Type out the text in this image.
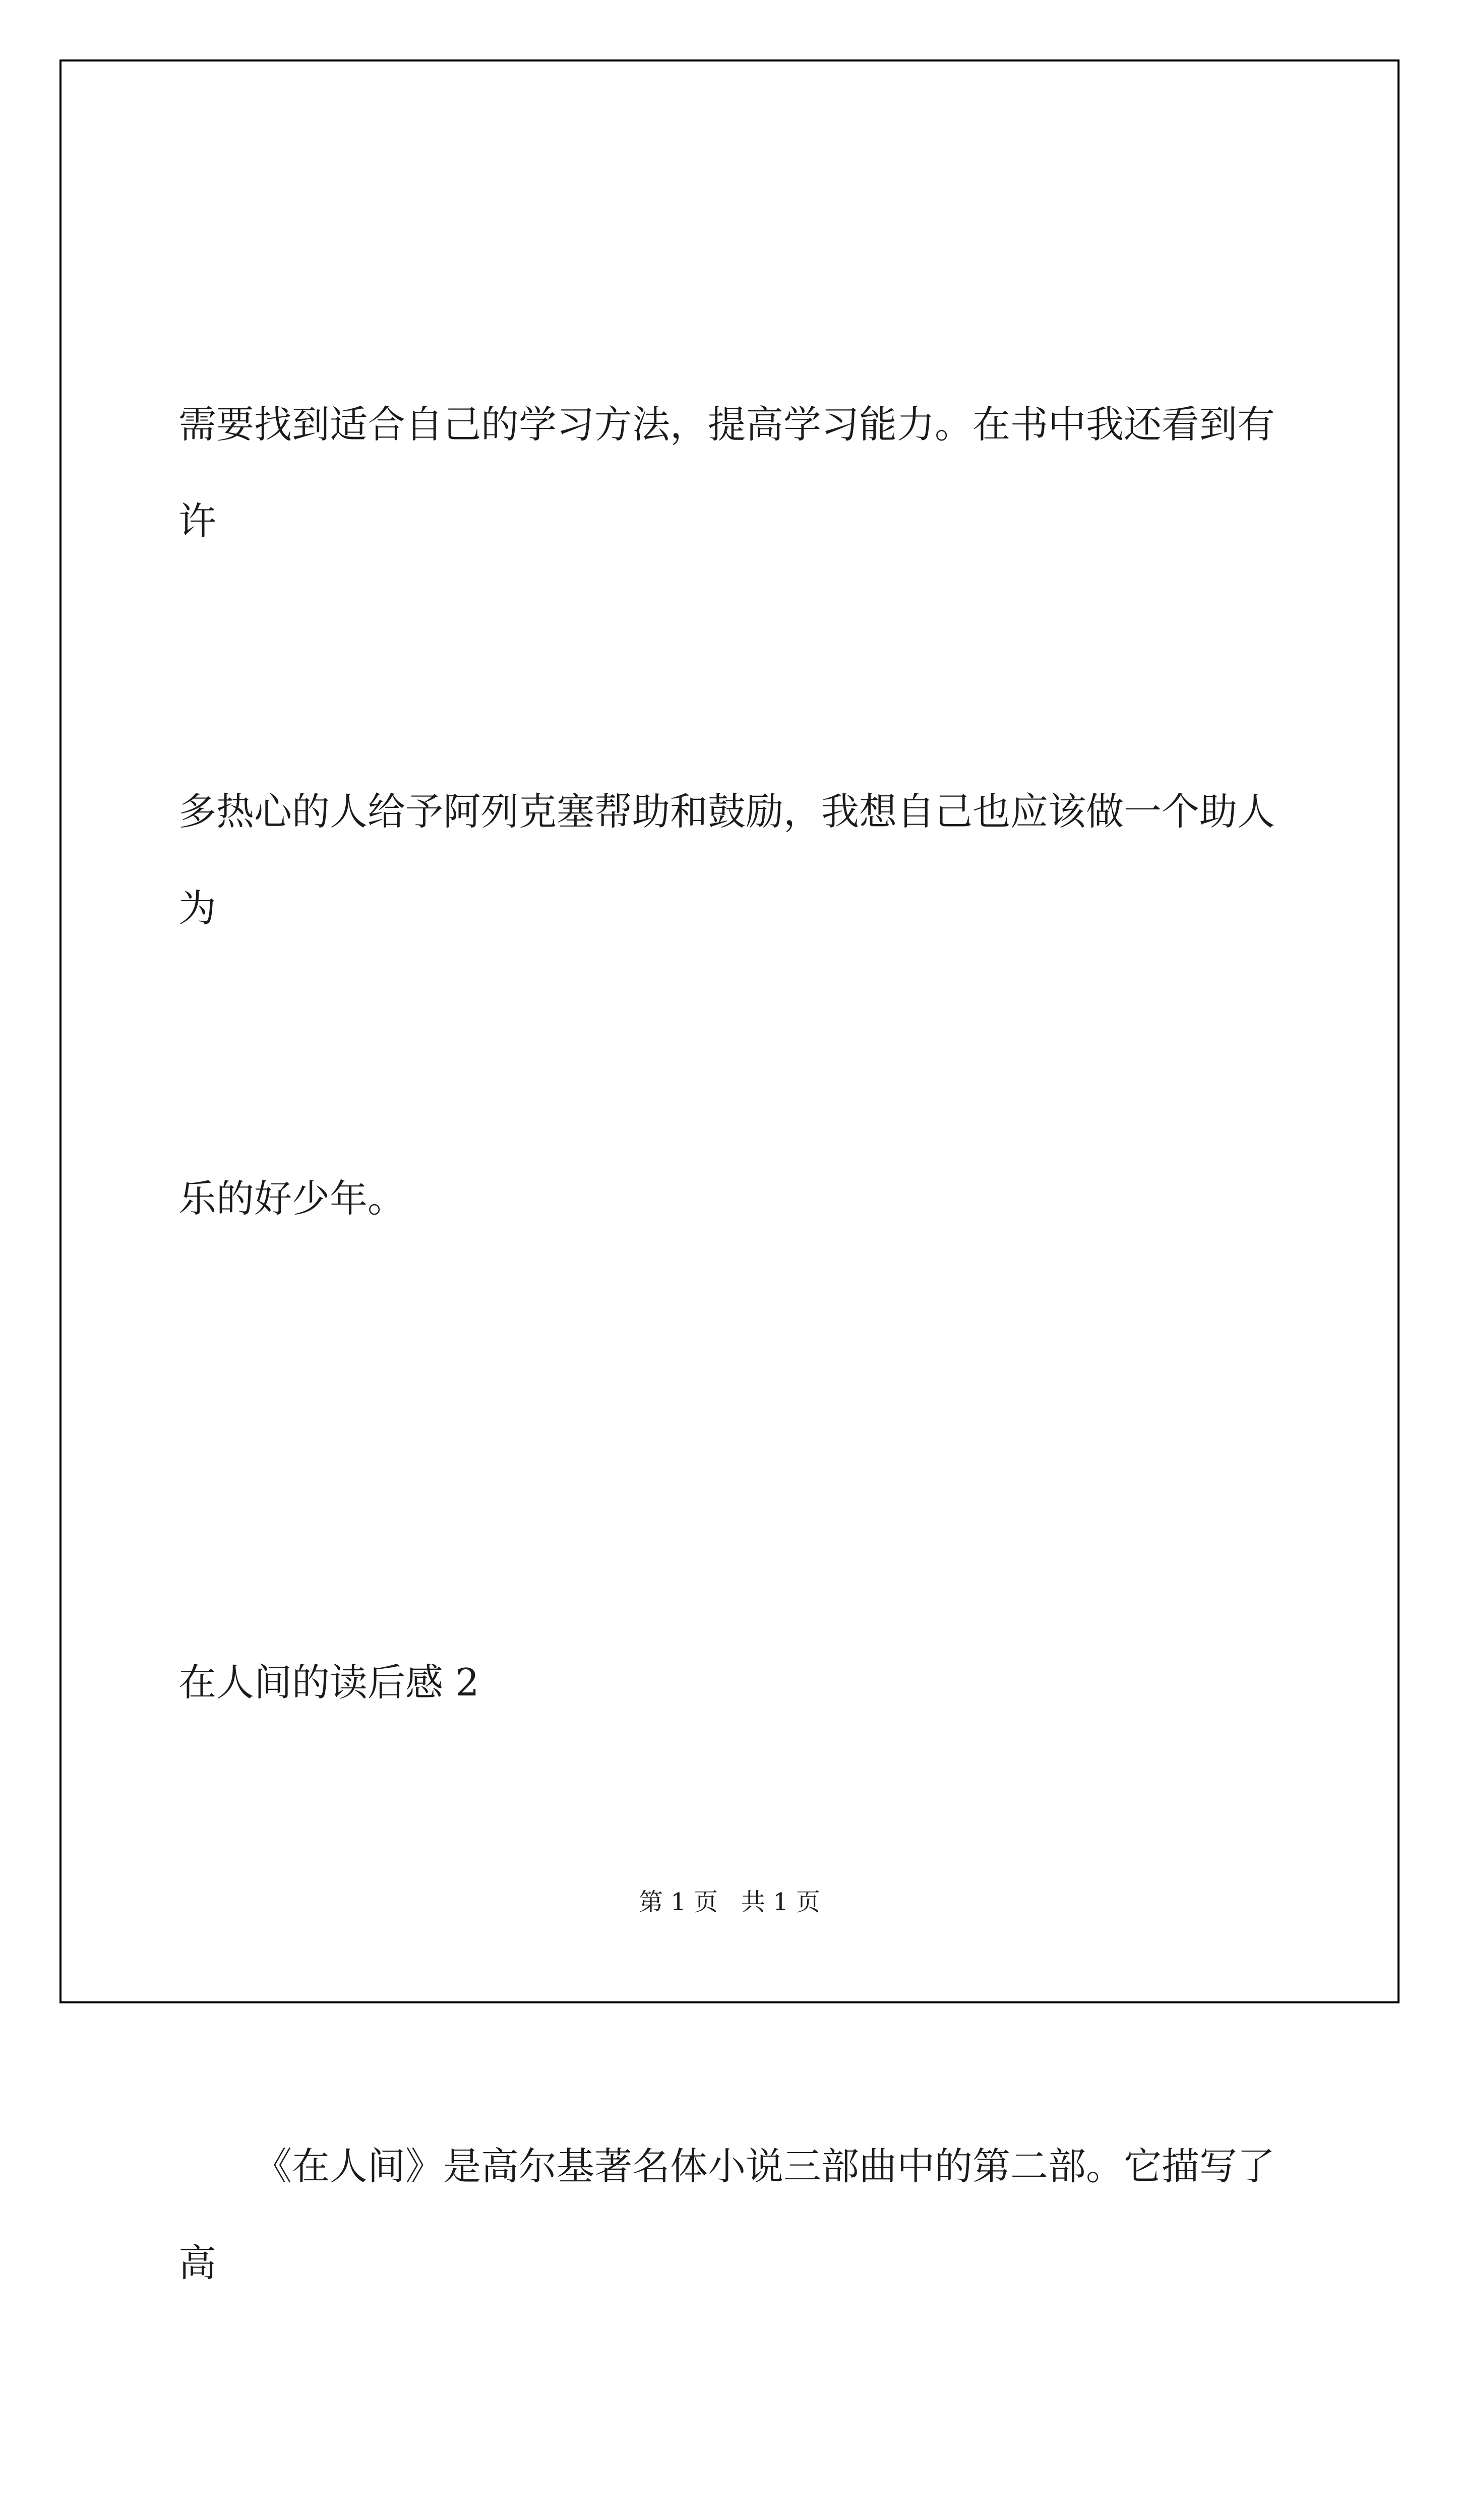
需要找到适合自己的学习方法，提高学习能力。在书中我还看到有许

多热心的人给予阿列克塞帮助和鼓励，我想自己也应该做一个助人为

乐的好少年。

在人间的读后感 2

《在人间》是高尔基著名体小说三部曲中的第二部。它描写了高

第 1 页   共 1 页
